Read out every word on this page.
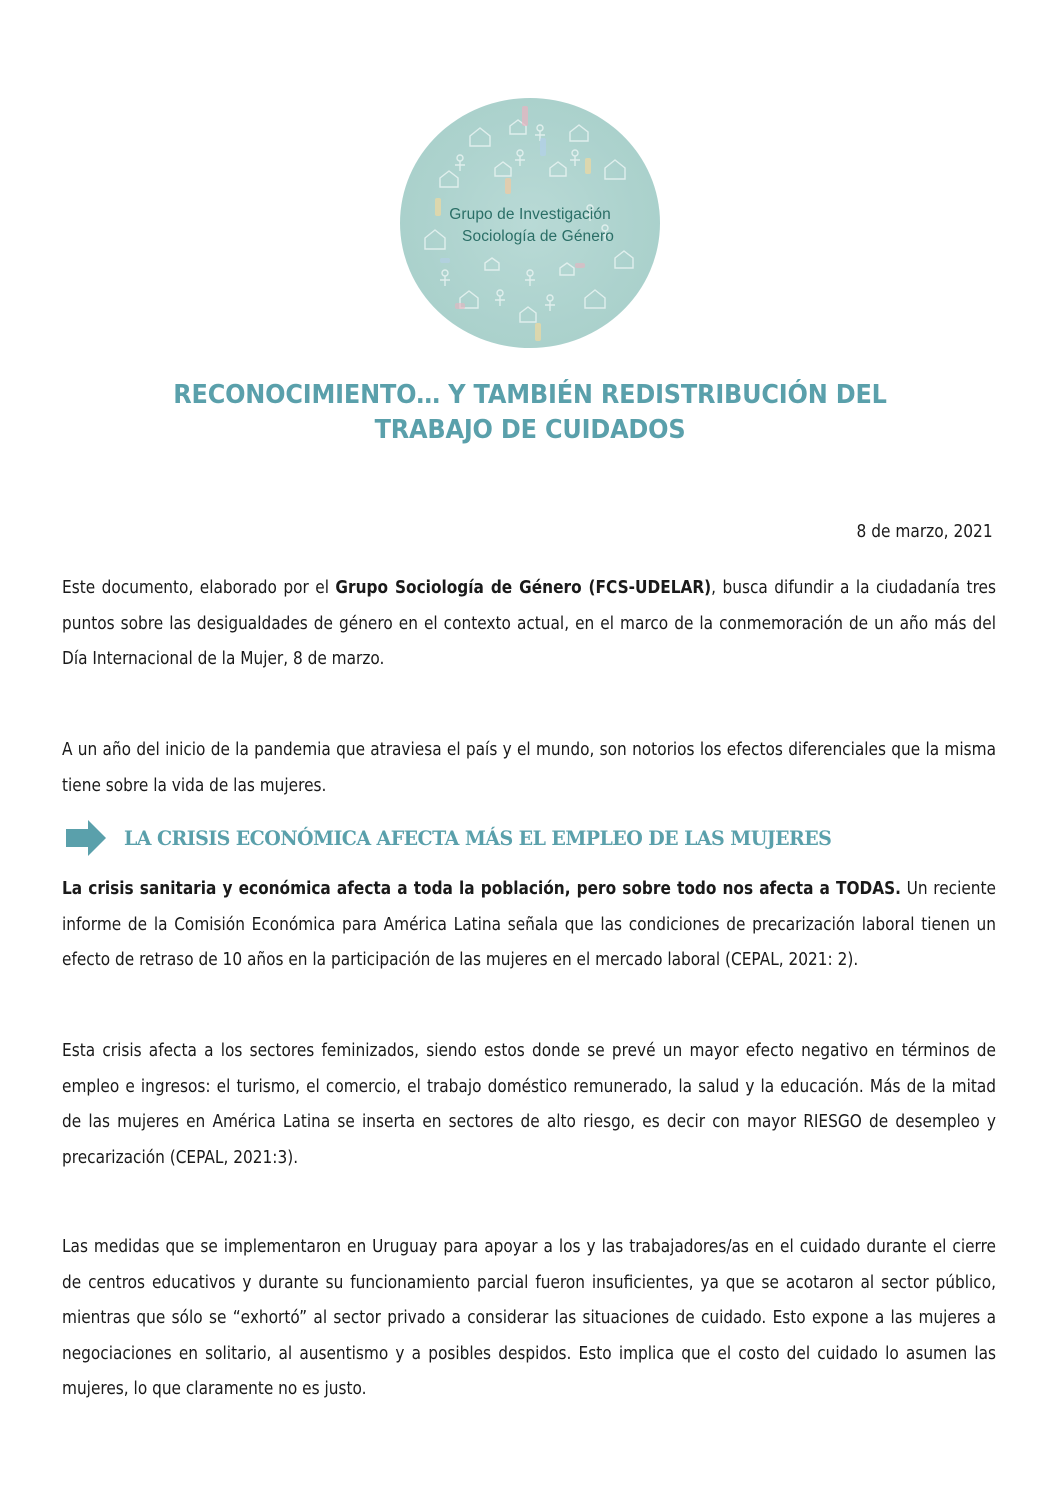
Grupo de Investigación
Sociología de Género
RECONOCIMIENTO… Y TAMBIÉN REDISTRIBUCIÓN DEL
TRABAJO DE CUIDADOS
8 de marzo, 2021
Este documento, elaborado por el Grupo Sociología de Género (FCS-UDELAR), busca difundir a la ciudadanía tres puntos sobre las desigualdades de género en el contexto actual, en el marco de la conmemoración de un año más del Día Internacional de la Mujer, 8 de marzo.
A un año del inicio de la pandemia que atraviesa el país y el mundo, son notorios los efectos diferenciales que la misma tiene sobre la vida de las mujeres.
LA CRISIS ECONÓMICA AFECTA MÁS EL EMPLEO DE LAS MUJERES
La crisis sanitaria y económica afecta a toda la población, pero sobre todo nos afecta a TODAS. Un reciente informe de la Comisión Económica para América Latina señala que las condiciones de precarización laboral tienen un efecto de retraso de 10 años en la participación de las mujeres en el mercado laboral (CEPAL, 2021: 2).
Esta crisis afecta a los sectores feminizados, siendo estos donde se prevé un mayor efecto negativo en términos de empleo e ingresos: el turismo, el comercio, el trabajo doméstico remunerado, la salud y la educación. Más de la mitad de las mujeres en América Latina se inserta en sectores de alto riesgo, es decir con mayor RIESGO de desempleo y precarización (CEPAL, 2021:3).
Las medidas que se implementaron en Uruguay para apoyar a los y las trabajadores/as en el cuidado durante el cierre de centros educativos y durante su funcionamiento parcial fueron insuficientes, ya que se acotaron al sector público, mientras que sólo se “exhortó” al sector privado a considerar las situaciones de cuidado. Esto expone a las mujeres a negociaciones en solitario, al ausentismo y a posibles despidos. Esto implica que el costo del cuidado lo asumen las mujeres, lo que claramente no es justo.
